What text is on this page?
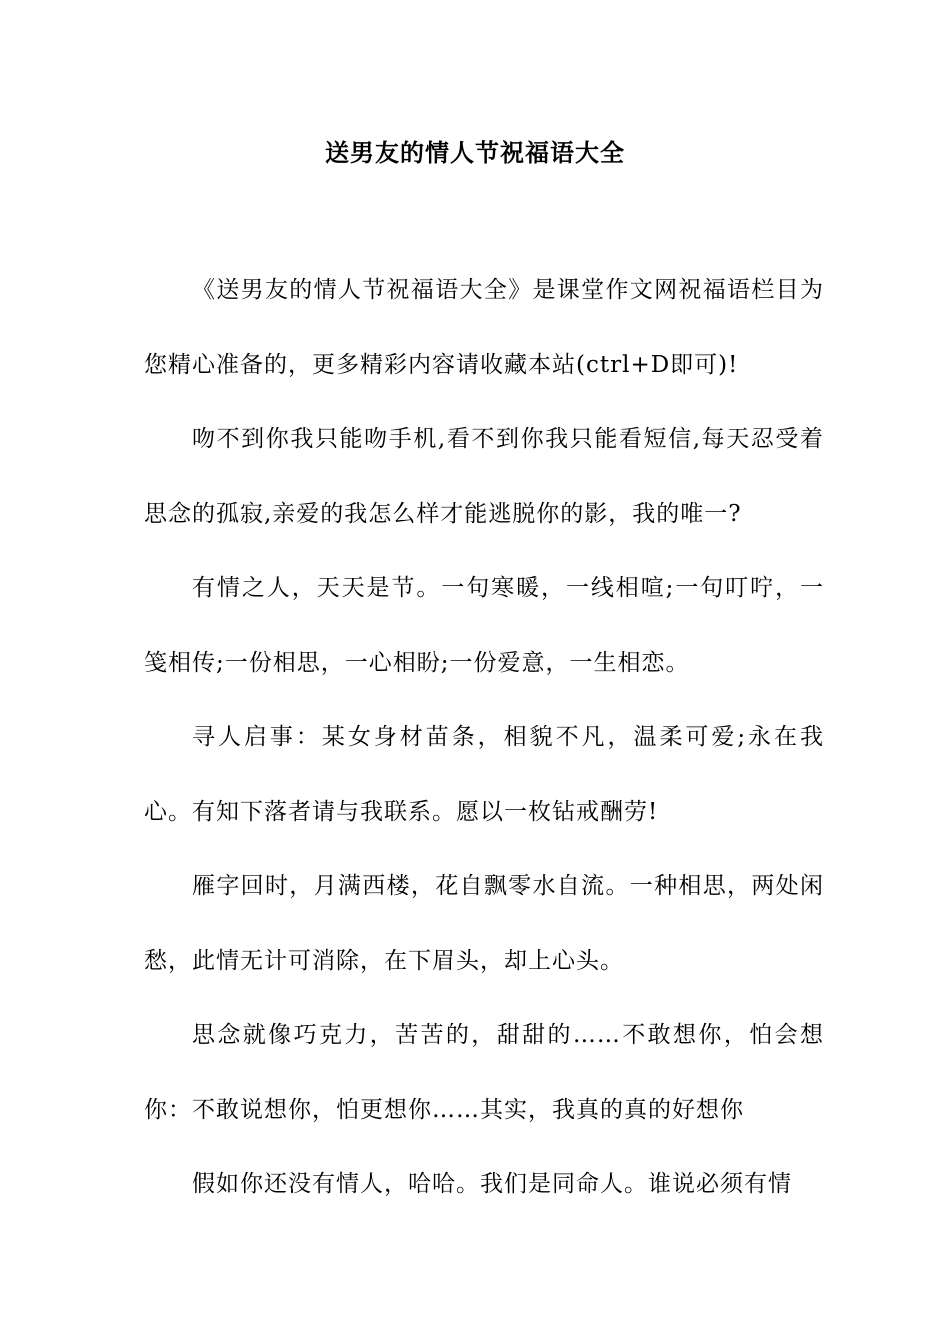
送男友的情人节祝福语大全

《送男友的情人节祝福语大全》是课堂作文网祝福语栏目为您精心准备的，更多精彩内容请收藏本站(ctrl+D即可)!

吻不到你我只能吻手机,看不到你我只能看短信,每天忍受着思念的孤寂,亲爱的我怎么样才能逃脱你的影，我的唯一?

有情之人，天天是节。一句寒暖，一线相喧;一句叮咛，一笺相传;一份相思，一心相盼;一份爱意，一生相恋。

寻人启事：某女身材苗条，相貌不凡，温柔可爱;永在我心。有知下落者请与我联系。愿以一枚钻戒酬劳!

雁字回时，月满西楼，花自飘零水自流。一种相思，两处闲愁，此情无计可消除，在下眉头，却上心头。

思念就像巧克力，苦苦的，甜甜的……不敢想你，怕会想你：不敢说想你，怕更想你……其实，我真的真的好想你

假如你还没有情人，哈哈。我们是同命人。谁说必须有情
